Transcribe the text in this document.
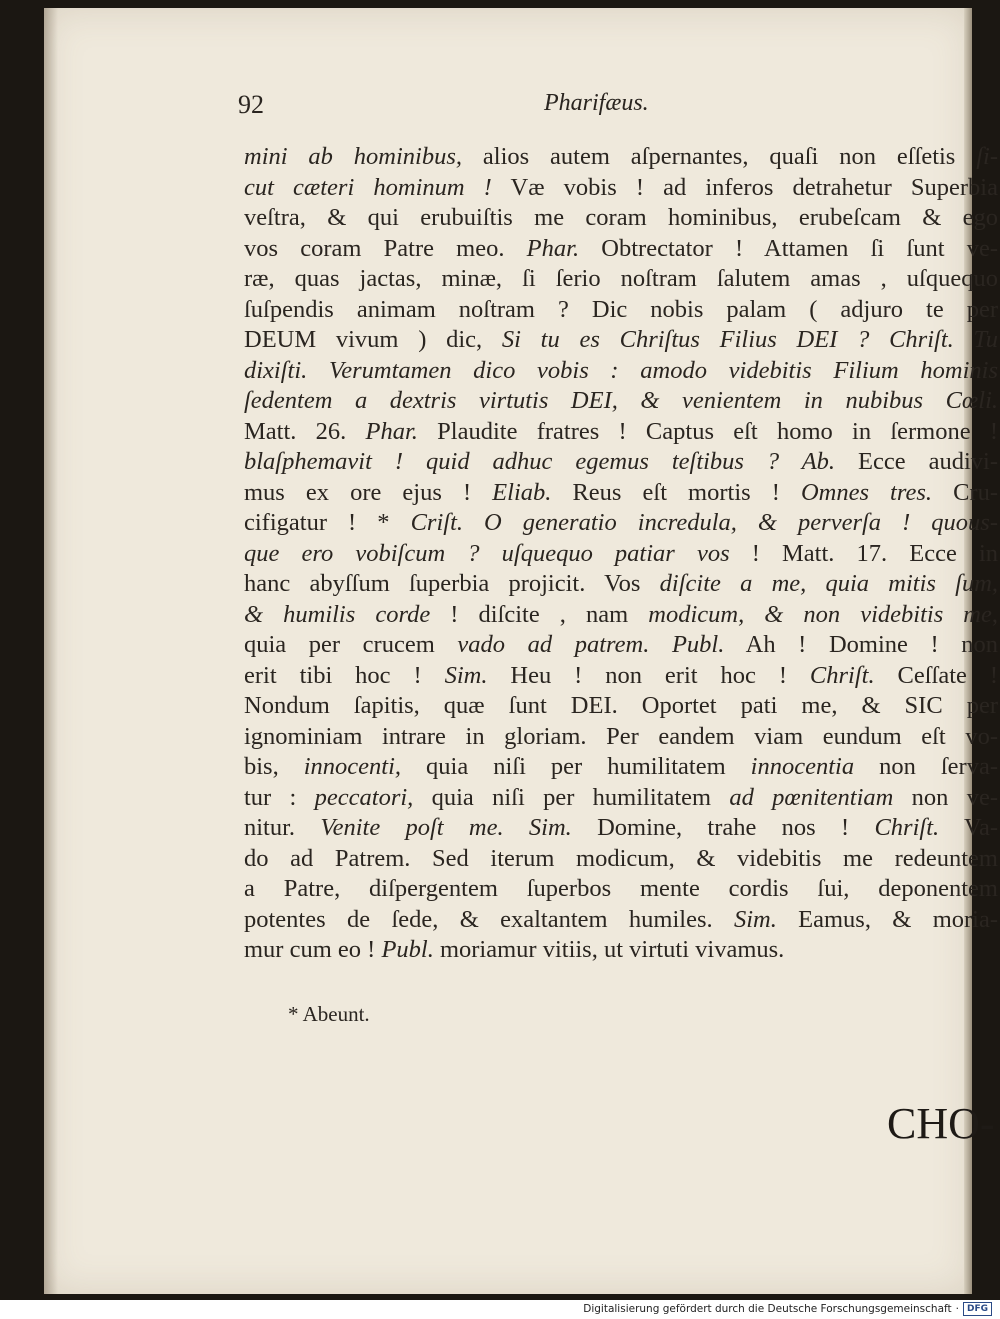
92	Pharifæus.
mini ab hominibus, alios autem aſpernantes, quaſi non eſſetis ſi-
cut cæteri hominum ! Væ vobis ! ad inferos detrahetur Superbia
veſtra, & qui erubuiſtis me coram hominibus, erubeſcam & ego
vos coram Patre meo. Phar. Obtrectator ! Attamen ſi ſunt ve-
ræ, quas jactas, minæ, ſi ſerio noſtram ſalutem amas , uſquequo
ſuſpendis animam noſtram ? Dic nobis palam ( adjuro te per
DEUM vivum ) dic, Si tu es Chriſtus Filius DEI ? Chriſt. Tu
dixiſti. Verumtamen dico vobis : amodo videbitis Filium hominis
ſedentem a dextris virtutis DEI, & venientem in nubibus Cœli.
Matt. 26. Phar. Plaudite fratres ! Captus eſt homo in ſermone !
blaſphemavit ! quid adhuc egemus teſtibus ? Ab. Ecce audivi-
mus ex ore ejus ! Eliab. Reus eſt mortis ! Omnes tres. Cru-
cifigatur ! * Criſt. O generatio incredula, & perverſa ! quous-
que ero vobiſcum ? uſquequo patiar vos ! Matt. 17. Ecce in
hanc abyſſum ſuperbia projicit. Vos diſcite a me, quia mitis ſum,
& humilis corde ! diſcite , nam modicum, & non videbitis me,
quia per crucem vado ad patrem. Publ. Ah ! Domine ! non
erit tibi hoc ! Sim. Heu ! non erit hoc ! Chriſt. Ceſſate !
Nondum ſapitis, quæ ſunt DEI. Oportet pati me, & SIC per
ignominiam intrare in gloriam. Per eandem viam eundum eſt vo-
bis, innocenti, quia niſi per humilitatem innocentia non ſerva-
tur : peccatori, quia niſi per humilitatem ad pœnitentiam non ve-
nitur. Venite poſt me. Sim. Domine, trahe nos ! Chriſt. Va-
do ad Patrem. Sed iterum modicum, & videbitis me redeuntem
a Patre, diſpergentem ſuperbos mente cordis ſui, deponentem
potentes de ſede, & exaltantem humiles. Sim. Eamus, & moria-
mur cum eo ! Publ. moriamur vitiis, ut virtuti vivamus.
* Abeunt.
CHO-
Digitalisierung gefördert durch die Deutsche Forschungsgemeinschaft · DFG
